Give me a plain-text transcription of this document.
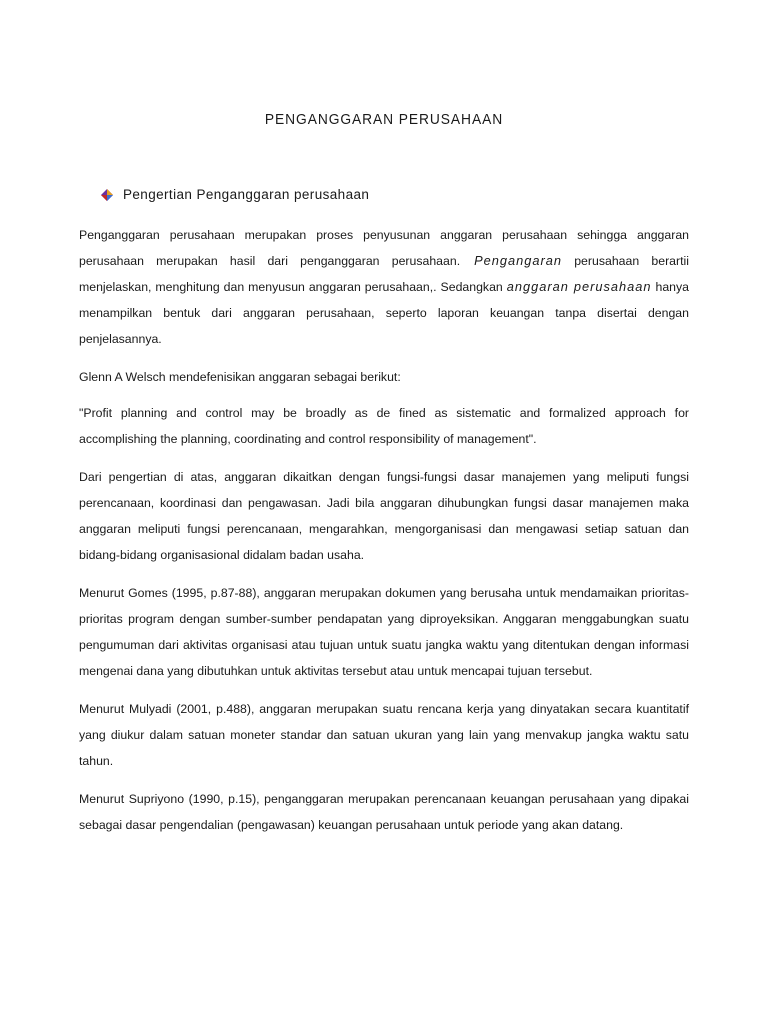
PENGANGGARAN PERUSAHAAN
Pengertian Penganggaran perusahaan

Penganggaran perusahaan merupakan proses penyusunan anggaran perusahaan sehingga anggaran perusahaan merupakan hasil dari penganggaran perusahaan. Pengangaran perusahaan berartii menjelaskan, menghitung dan menyusun anggaran perusahaan,. Sedangkan anggaran perusahaan hanya menampilkan bentuk dari anggaran perusahaan, seperto laporan keuangan tanpa disertai dengan penjelasannya.

Glenn A Welsch mendefenisikan anggaran sebagai berikut:

"Profit planning and control may be broadly as de fined as sistematic and formalized approach for accomplishing the planning, coordinating and control responsibility of management".

Dari pengertian di atas, anggaran dikaitkan dengan fungsi-fungsi dasar manajemen yang meliputi fungsi perencanaan, koordinasi dan pengawasan. Jadi bila anggaran dihubungkan fungsi dasar manajemen maka anggaran meliputi fungsi perencanaan, mengarahkan, mengorganisasi dan mengawasi setiap satuan dan bidang-bidang organisasional didalam badan usaha.

Menurut Gomes (1995, p.87-88), anggaran merupakan dokumen yang berusaha untuk mendamaikan prioritas-prioritas program dengan sumber-sumber pendapatan yang diproyeksikan. Anggaran menggabungkan suatu pengumuman dari aktivitas organisasi atau tujuan untuk suatu jangka waktu yang ditentukan dengan informasi mengenai dana yang dibutuhkan untuk aktivitas tersebut atau untuk mencapai tujuan tersebut.

Menurut Mulyadi (2001, p.488), anggaran merupakan suatu rencana kerja yang dinyatakan secara kuantitatif yang diukur dalam satuan moneter standar dan satuan ukuran yang lain yang menvakup jangka waktu satu tahun.

Menurut Supriyono (1990, p.15), penganggaran merupakan perencanaan keuangan perusahaan yang dipakai sebagai dasar pengendalian (pengawasan) keuangan perusahaan untuk periode yang akan datang.
